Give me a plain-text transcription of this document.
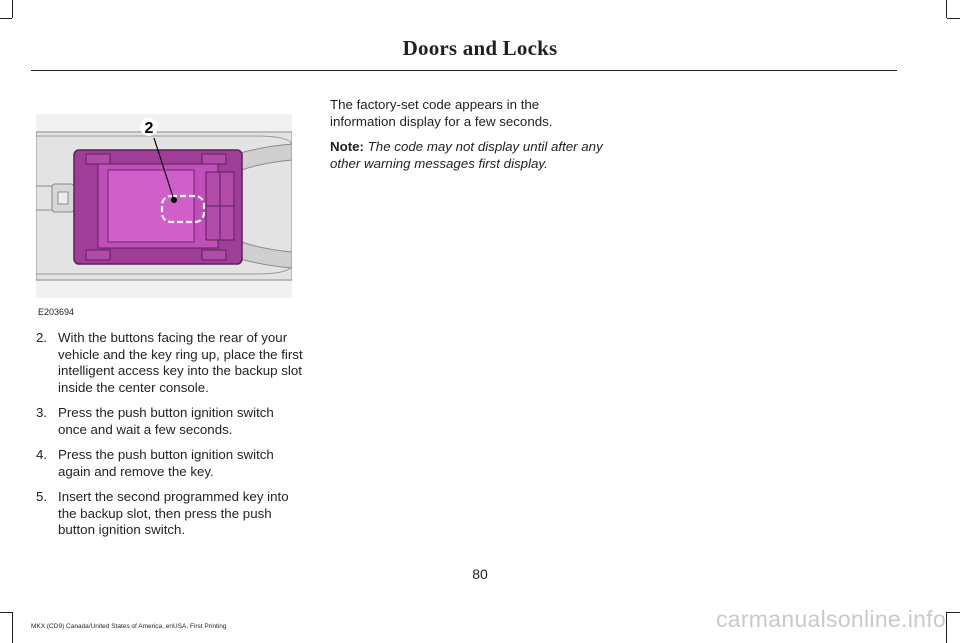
Doors and Locks
2
E203694
2. With the buttons facing the rear of your vehicle and the key ring up, place the first intelligent access key into the backup slot inside the center console.
3. Press the push button ignition switch once and wait a few seconds.
4. Press the push button ignition switch again and remove the key.
5. Insert the second programmed key into the backup slot, then press the push button ignition switch.

The factory-set code appears in the information display for a few seconds.

Note: The code may not display until after any other warning messages first display.

80
MKX (CD9) Canada/United States of America, enUSA, First Printing	carmanualsonline.info
